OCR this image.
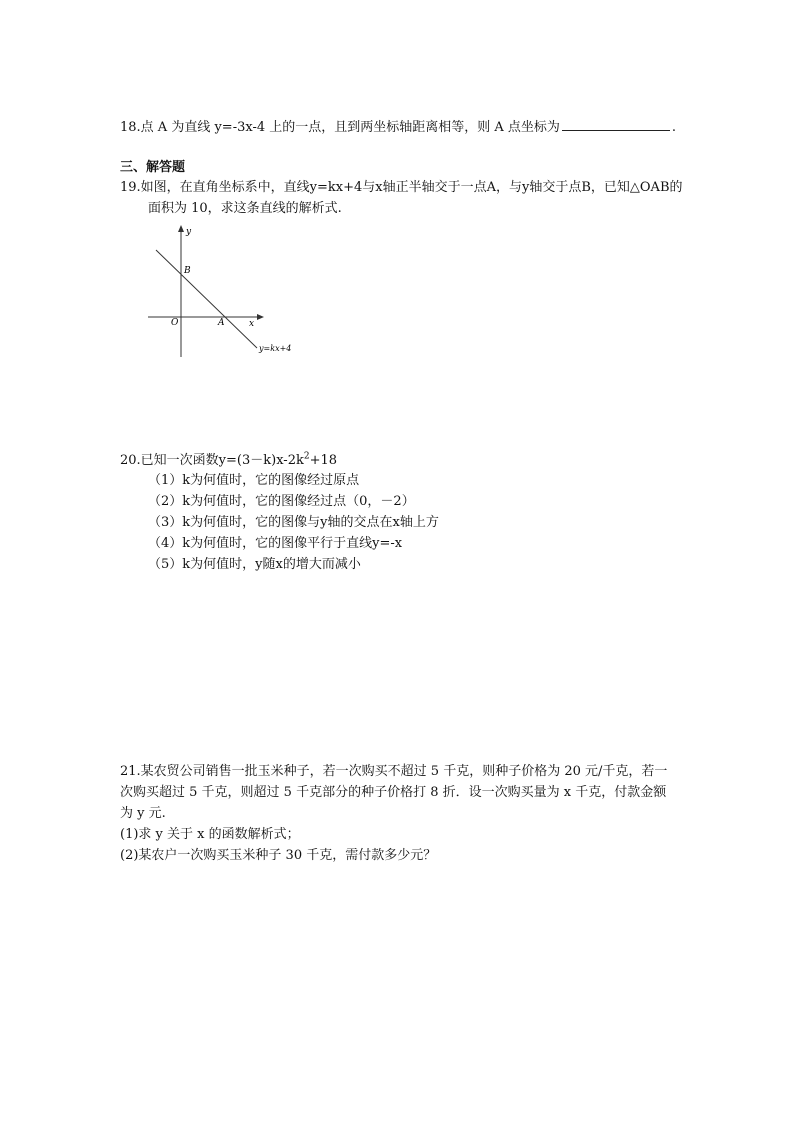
18.点 A 为直线 y=-3x-4 上的一点，且到两坐标轴距离相等，则 A 点坐标为	.
三、解答题
19.如图，在直角坐标系中，直线y=kx+4与x轴正半轴交于一点A，与y轴交于点B，已知△OAB的
面积为 10，求这条直线的解析式.
y
x
O	A
B
y=kx+4
20.已知一次函数$y=(3-k)x-2k^2+18$
（1）k为何值时，它的图像经过原点
（2）k为何值时，它的图像经过点（0，－2）
（3）k为何值时，它的图像与y轴的交点在x轴上方
（4）k为何值时，它的图像平行于直线y=-x
（5）k为何值时，y随x的增大而减小
21.某农贸公司销售一批玉米种子，若一次购买不超过 5 千克，则种子价格为 20 元/千克，若一
次购买超过 5 千克，则超过 5 千克部分的种子价格打 8 折．设一次购买量为 x 千克，付款金额
为 y 元.
(1)求 y 关于 x 的函数解析式；
(2)某农户一次购买玉米种子 30 千克，需付款多少元？
